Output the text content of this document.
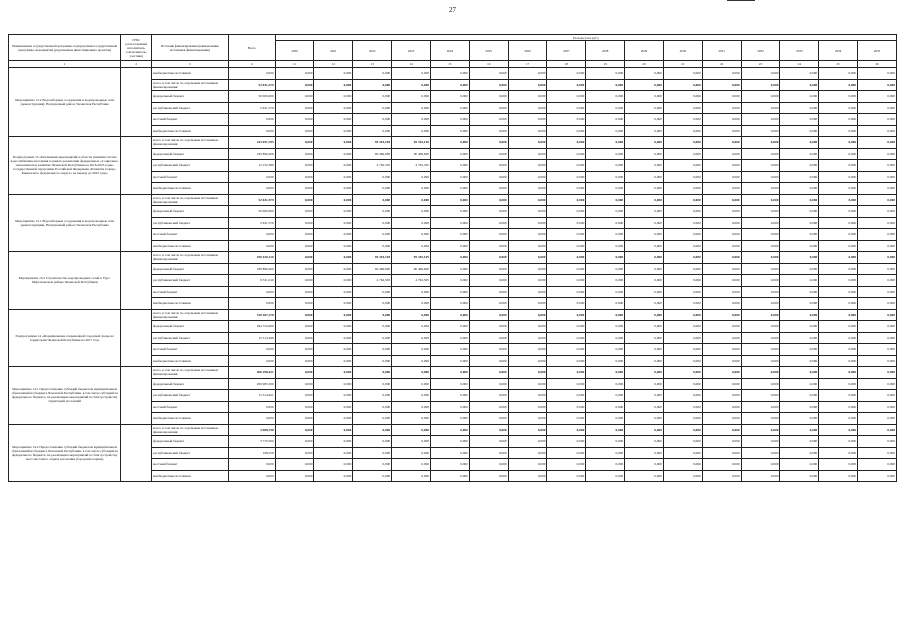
27
Наименование государственной программы, подпрограммы государственной программы, мероприятия (укрупненных инвестиционных проектов)	ГРБС (ответственный исполнитель, соисполнитель, участник)	Источник финансирования (наименования источников финансирования)	Всего	Расходы (тыс.руб.)															
				2020	2021	2022	2023	2024	2025	2026	2027	2028	2029	2030	2031	2032	2033	2034	2035
1	2	3	4	11	12	13	14	15	16	17	18	19	20	21	22	23	24	25	26
Мероприятие 12.2 Водозаборные сооружения и водопроводные сети (реконструкция). Надтеречный район, Чеченская Республика		внебюджетные источники	0,000	0,000	0,000	0,000	0,000	0,000	0,000	0,000	0,000	0,000	0,000	0,000	0,000	0,000	0,000	0,000	0,000
		всего, в том числе по отдельным источникам финансирования:	52 631,579	0,000	0,000	0,000	0,000	0,000	0,000	0,000	0,000	0,000	0,000	0,000	0,000	0,000	0,000	0,000	0,000
		федеральный бюджет	50 000,000	0,000	0,000	0,000	0,000	0,000	0,000	0,000	0,000	0,000	0,000	0,000	0,000	0,000	0,000	0,000	0,000
		республиканский бюджет	2 631,579	0,000	0,000	0,000	0,000	0,000	0,000	0,000	0,000	0,000	0,000	0,000	0,000	0,000	0,000	0,000	0,000
		местный бюджет	0,000	0,000	0,000	0,000	0,000	0,000	0,000	0,000	0,000	0,000	0,000	0,000	0,000	0,000	0,000	0,000	0,000
		внебюджетные источники	0,000	0,000	0,000	0,000	0,000	0,000	0,000	0,000	0,000	0,000	0,000	0,000	0,000	0,000	0,000	0,000	0,000
Подпрограмма 13 «Реализация мероприятий в области развития систем водоснабжения населения в рамках реализации федеральных «Социально-экономическое развитие Чеченской Республики на 2016-2025 годы» государственной программы Российской Федерации «Развитие Северо-Кавказского федерального округа» на период до 2025 года»		всего, в том числе по отдельным источникам финансирования:	243 051,795	0,000	0,000	95 310,105	95 310,105	0,000	0,000	0,000	0,000	0,000	0,000	0,000	0,000	0,000	0,000	0,000	0,000
		федеральный бюджет	230 899,206	0,000	0,000	90 469,600	90 469,600	0,000	0,000	0,000	0,000	0,000	0,000	0,000	0,000	0,000	0,000	0,000	0,000
		республиканский бюджет	12 152,589	0,000	0,000	4 762,505	4 762,505	0,000	0,000	0,000	0,000	0,000	0,000	0,000	0,000	0,000	0,000	0,000	0,000
		местный бюджет	0,000	0,000	0,000	0,000	0,000	0,000	0,000	0,000	0,000	0,000	0,000	0,000	0,000	0,000	0,000	0,000	0,000
		внебюджетные источники	0,000	0,000	0,000	0,000	0,000	0,000	0,000	0,000	0,000	0,000	0,000	0,000	0,000	0,000	0,000	0,000	0,000
Мероприятие 13.1 Водозаборные сооружения и водопроводные сети (реконструкция). Надтеречный район, Чеченская Республика		всего, в том числе по отдельным источникам финансирования:	52 631,579	0,000	0,000	0,000	0,000	0,000	0,000	0,000	0,000	0,000	0,000	0,000	0,000	0,000	0,000	0,000	0,000
		федеральный бюджет	50 000,000	0,000	0,000	0,000	0,000	0,000	0,000	0,000	0,000	0,000	0,000	0,000	0,000	0,000	0,000	0,000	0,000
		республиканский бюджет	2 631,579	0,000	0,000	0,000	0,000	0,000	0,000	0,000	0,000	0,000	0,000	0,000	0,000	0,000	0,000	0,000	0,000
		местный бюджет	0,000	0,000	0,000	0,000	0,000	0,000	0,000	0,000	0,000	0,000	0,000	0,000	0,000	0,000	0,000	0,000	0,000
		внебюджетные источники	0,000	0,000	0,000	0,000	0,000	0,000	0,000	0,000	0,000	0,000	0,000	0,000	0,000	0,000	0,000	0,000	0,000
Мероприятие 13.2 Строительство водопроводных сетей в Урус-Мартановском районе Чеченской Республики		всего, в том числе по отдельным источникам финансирования:	190 420,210	0,000	0,000	95 310,105	95 310,105	0,000	0,000	0,000	0,000	0,000	0,000	0,000	0,000	0,000	0,000	0,000	0,000
		федеральный бюджет	180 899,200	0,000	0,000	90 469,600	90 469,600	0,000	0,000	0,000	0,000	0,000	0,000	0,000	0,000	0,000	0,000	0,000	0,000
		республиканский бюджет	9 521,010	0,000	0,000	4 762,505	4 762,505	0,000	0,000	0,000	0,000	0,000	0,000	0,000	0,000	0,000	0,000	0,000	0,000
		местный бюджет	0,000	0,000	0,000	0,000	0,000	0,000	0,000	0,000	0,000	0,000	0,000	0,000	0,000	0,000	0,000	0,000	0,000
		внебюджетные источники	0,000	0,000	0,000	0,000	0,000	0,000	0,000	0,000	0,000	0,000	0,000	0,000	0,000	0,000	0,000	0,000	0,000
Подпрограмма 14 «Формирование современной городской среды на территории Чеченской Республики на 2017 год»		всего, в том числе по отдельным источникам финансирования:	310 267,278	0,000	0,000	0,000	0,000	0,000	0,000	0,000	0,000	0,000	0,000	0,000	0,000	0,000	0,000	0,000	0,000
		федеральный бюджет	294 754,000	0,000	0,000	0,000	0,000	0,000	0,000	0,000	0,000	0,000	0,000	0,000	0,000	0,000	0,000	0,000	0,000
		республиканский бюджет	15 513,269	0,000	0,000	0,000	0,000	0,000	0,000	0,000	0,000	0,000	0,000	0,000	0,000	0,000	0,000	0,000	0,000
		местный бюджет	0,000	0,000	0,000	0,000	0,000	0,000	0,000	0,000	0,000	0,000	0,000	0,000	0,000	0,000	0,000	0,000	0,000
		внебюджетные источники	0,000	0,000	0,000	0,000	0,000	0,000	0,000	0,000	0,000	0,000	0,000	0,000	0,000	0,000	0,000	0,000	0,000
Мероприятие 14.1 Предоставление субсидий бюджетам муниципальных образований из бюджета Чеченской Республики, в том числе субсидий из федерального бюджета, на реализацию мероприятий по благоустройству территорий поселений		всего, в том числе по отдельным источникам финансирования:	306 298,421	0,000	0,000	0,000	0,000	0,000	0,000	0,000	0,000	0,000	0,000	0,000	0,000	0,000	0,000	0,000	0,000
		федеральный бюджет	290 983,500	0,000	0,000	0,000	0,000	0,000	0,000	0,000	0,000	0,000	0,000	0,000	0,000	0,000	0,000	0,000	0,000
		республиканский бюджет	15 314,921	0,000	0,000	0,000	0,000	0,000	0,000	0,000	0,000	0,000	0,000	0,000	0,000	0,000	0,000	0,000	0,000
		местный бюджет	0,000	0,000	0,000	0,000	0,000	0,000	0,000	0,000	0,000	0,000	0,000	0,000	0,000	0,000	0,000	0,000	0,000
		внебюджетные источники	0,000	0,000	0,000	0,000	0,000	0,000	0,000	0,000	0,000	0,000	0,000	0,000	0,000	0,000	0,000	0,000	0,000
Мероприятие 14.2 Предоставление субсидий бюджетам муниципальных образований из бюджета Чеченской Республики, в том числе субсидий из федерального бюджета, на реализацию мероприятий по благоустройству мест массового отдыха населения (городских парков)		всего, в том числе по отдельным источникам финансирования:	3 968,758	0,000	0,000	0,000	0,000	0,000	0,000	0,000	0,000	0,000	0,000	0,000	0,000	0,000	0,000	0,000	0,000
		федеральный бюджет	3 770,500	0,000	0,000	0,000	0,000	0,000	0,000	0,000	0,000	0,000	0,000	0,000	0,000	0,000	0,000	0,000	0,000
		республиканский бюджет	198,258	0,000	0,000	0,000	0,000	0,000	0,000	0,000	0,000	0,000	0,000	0,000	0,000	0,000	0,000	0,000	0,000
		местный бюджет	0,000	0,000	0,000	0,000	0,000	0,000	0,000	0,000	0,000	0,000	0,000	0,000	0,000	0,000	0,000	0,000	0,000
		внебюджетные источники	0,000	0,000	0,000	0,000	0,000	0,000	0,000	0,000	0,000	0,000	0,000	0,000	0,000	0,000	0,000	0,000	0,000
